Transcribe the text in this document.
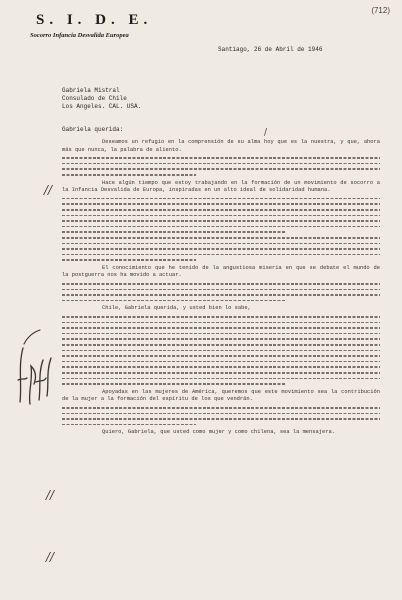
(712)
S. I. D. E.
Socorro Infancia Desvalida Europea
Santiago, 26 de Abril de 1946
Gabriela Mistral
Consulado de Chile
Los Angeles. CAL. USA.
Gabriela querida:	/

Deseamos un refugio en la comprensión de su alma hoy que es la nuestra, y que, ahora más que nunca, la palabra de aliento.

Hace algún tiempo que estoy trabajando en la formación de un movimiento de socorro a la Infancia Desvalida de Europa, inspiradas en un alto ideal de solidaridad humana.

El conocimiento que he tenido de la angustiosa miseria en que se debate el mundo de la postguerra nos ha movido a actuar.

Chile, Gabriela querida, y usted bien lo sabe,

Apoyadas en las mujeres de América, queremos que este movimiento sea la contribución de la mujer a la formación del espíritu de los que vendrán.

Quiero, Gabriela, que usted como mujer y como chilena, sea la mensajera.

//
//
//
